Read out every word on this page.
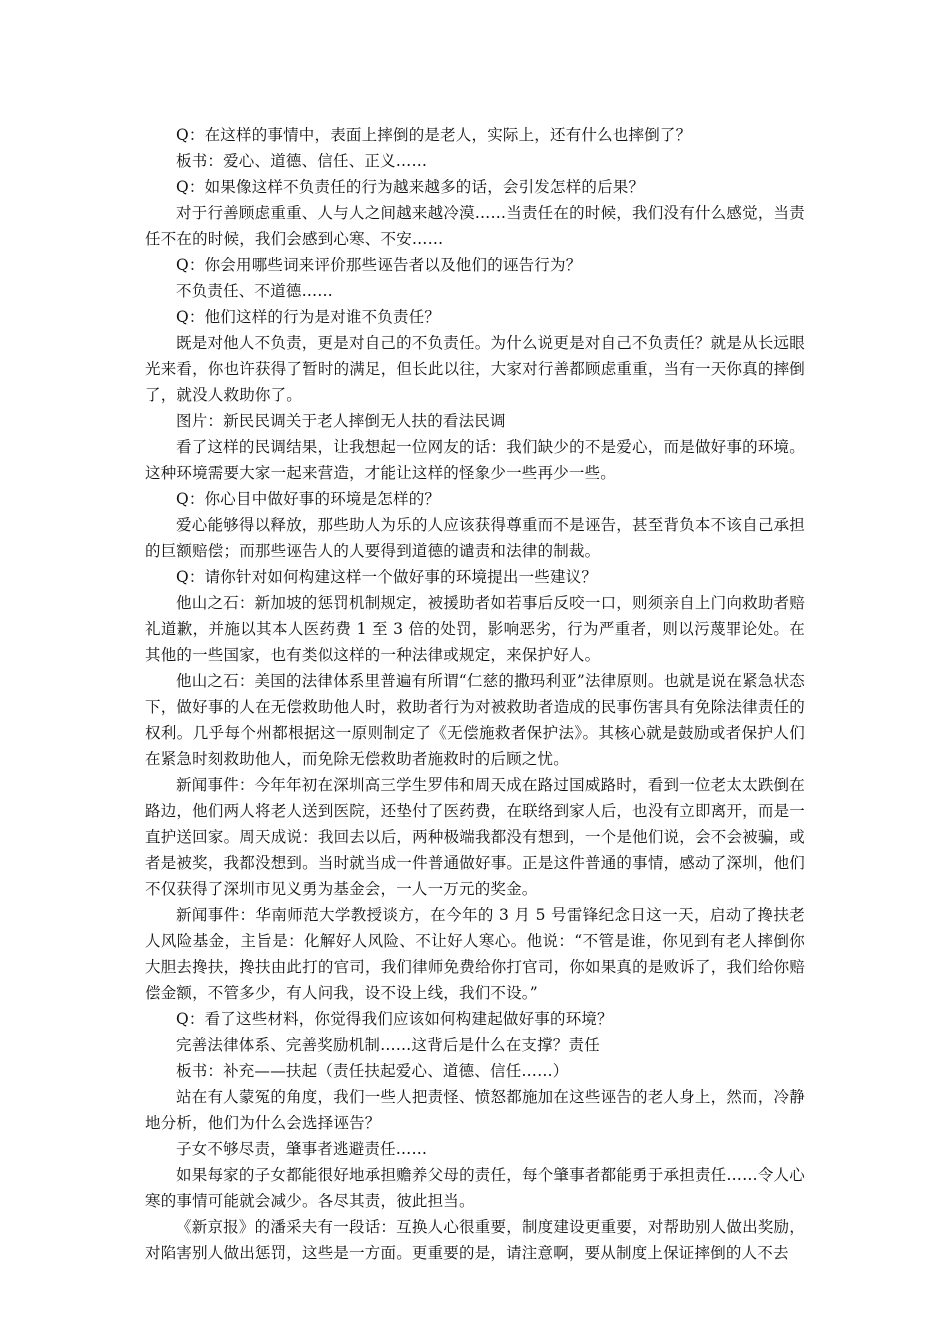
Q：在这样的事情中，表面上摔倒的是老人，实际上，还有什么也摔倒了？

板书：爱心、道德、信任、正义……

Q：如果像这样不负责任的行为越来越多的话，会引发怎样的后果？

对于行善顾虑重重、人与人之间越来越冷漠……当责任在的时候，我们没有什么感觉，当责任不在的时候，我们会感到心寒、不安……

Q：你会用哪些词来评价那些诬告者以及他们的诬告行为？

不负责任、不道德……

Q：他们这样的行为是对谁不负责任？

既是对他人不负责，更是对自己的不负责任。为什么说更是对自己不负责任？就是从长远眼光来看，你也许获得了暂时的满足，但长此以往，大家对行善都顾虑重重，当有一天你真的摔倒了，就没人救助你了。

图片：新民民调关于老人摔倒无人扶的看法民调

看了这样的民调结果，让我想起一位网友的话：我们缺少的不是爱心，而是做好事的环境。这种环境需要大家一起来营造，才能让这样的怪象少一些再少一些。

Q：你心目中做好事的环境是怎样的？

爱心能够得以释放，那些助人为乐的人应该获得尊重而不是诬告，甚至背负本不该自己承担的巨额赔偿；而那些诬告人的人要得到道德的谴责和法律的制裁。

Q：请你针对如何构建这样一个做好事的环境提出一些建议？

他山之石：新加坡的惩罚机制规定，被援助者如若事后反咬一口，则须亲自上门向救助者赔礼道歉，并施以其本人医药费 1 至 3 倍的处罚，影响恶劣，行为严重者，则以污蔑罪论处。在其他的一些国家，也有类似这样的一种法律或规定，来保护好人。

他山之石：美国的法律体系里普遍有所谓“仁慈的撒玛利亚”法律原则。也就是说在紧急状态下，做好事的人在无偿救助他人时，救助者行为对被救助者造成的民事伤害具有免除法律责任的权利。几乎每个州都根据这一原则制定了《无偿施救者保护法》。其核心就是鼓励或者保护人们在紧急时刻救助他人，而免除无偿救助者施救时的后顾之忧。

新闻事件：今年年初在深圳高三学生罗伟和周天成在路过国威路时，看到一位老太太跌倒在路边，他们两人将老人送到医院，还垫付了医药费，在联络到家人后，也没有立即离开，而是一直护送回家。周天成说：我回去以后，两种极端我都没有想到，一个是他们说，会不会被骗，或者是被奖，我都没想到。当时就当成一件普通做好事。正是这件普通的事情，感动了深圳，他们不仅获得了深圳市见义勇为基金会，一人一万元的奖金。

新闻事件：华南师范大学教授谈方，在今年的 3 月 5 号雷锋纪念日这一天，启动了搀扶老人风险基金，主旨是：化解好人风险、不让好人寒心。他说：“不管是谁，你见到有老人摔倒你大胆去搀扶，搀扶由此打的官司，我们律师免费给你打官司，你如果真的是败诉了，我们给你赔偿金额，不管多少，有人问我，设不设上线，我们不设。”

Q：看了这些材料，你觉得我们应该如何构建起做好事的环境？

完善法律体系、完善奖励机制……这背后是什么在支撑？责任

板书：补充——扶起（责任扶起爱心、道德、信任……）

站在有人蒙冤的角度，我们一些人把责怪、愤怒都施加在这些诬告的老人身上，然而，冷静地分析，他们为什么会选择诬告？

子女不够尽责，肇事者逃避责任……

如果每家的子女都能很好地承担赡养父母的责任，每个肇事者都能勇于承担责任……令人心寒的事情可能就会减少。各尽其责，彼此担当。

《新京报》的潘采夫有一段话：互换人心很重要，制度建设更重要，对帮助别人做出奖励，对陷害别人做出惩罚，这些是一方面。更重要的是，请注意啊，要从制度上保证摔倒的人不去
